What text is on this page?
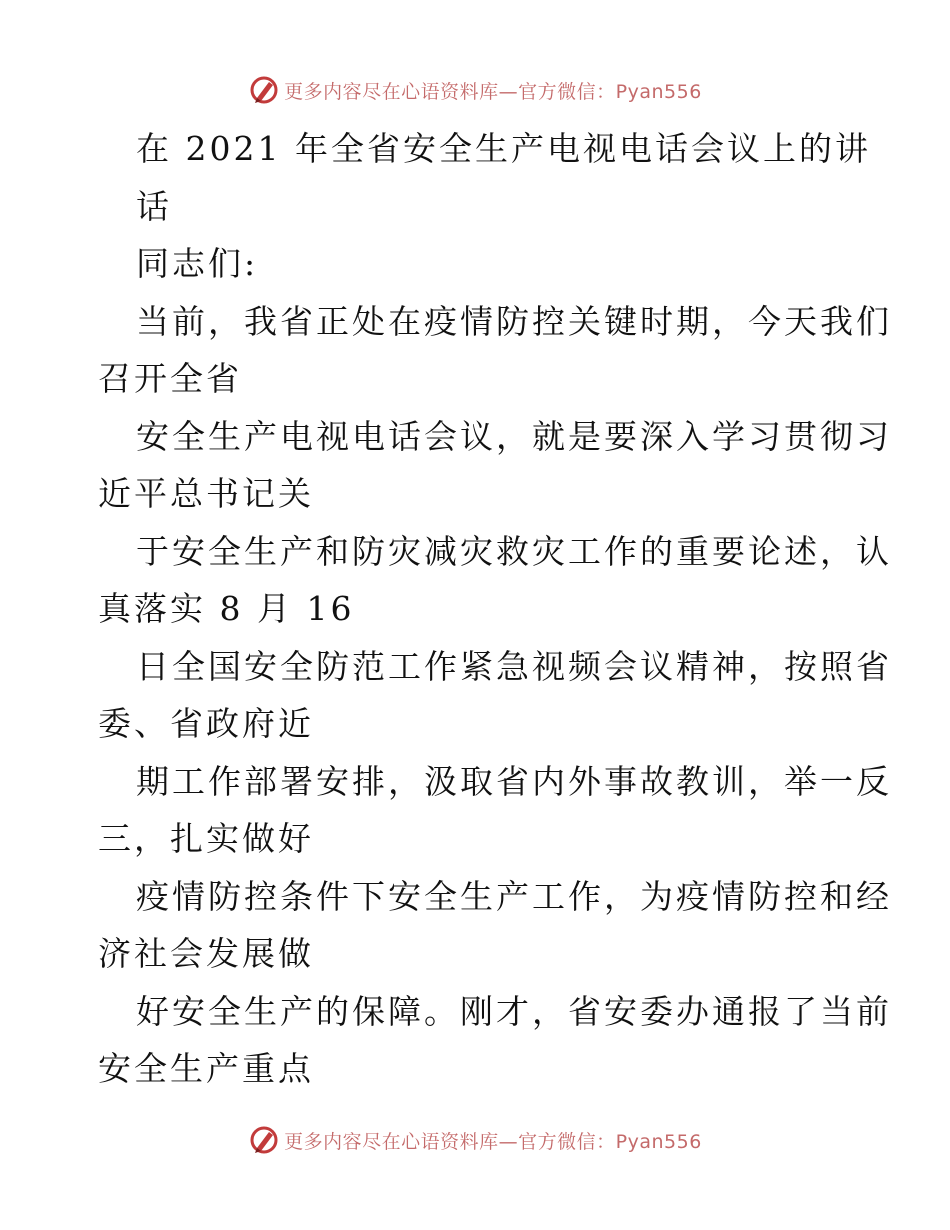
更多内容尽在心语资料库—官方微信：Pyan556
在 2021 年全省安全生产电视电话会议上的讲
话
同志们:
当前，我省正处在疫情防控关键时期，今天我们
召开全省
安全生产电视电话会议，就是要深入学习贯彻习
近平总书记关
于安全生产和防灾减灾救灾工作的重要论述，认
真落实 8 月 16
日全国安全防范工作紧急视频会议精神，按照省
委、省政府近
期工作部署安排，汲取省内外事故教训，举一反
三，扎实做好
疫情防控条件下安全生产工作，为疫情防控和经
济社会发展做
好安全生产的保障。刚才，省安委办通报了当前
安全生产重点
更多内容尽在心语资料库—官方微信：Pyan556
